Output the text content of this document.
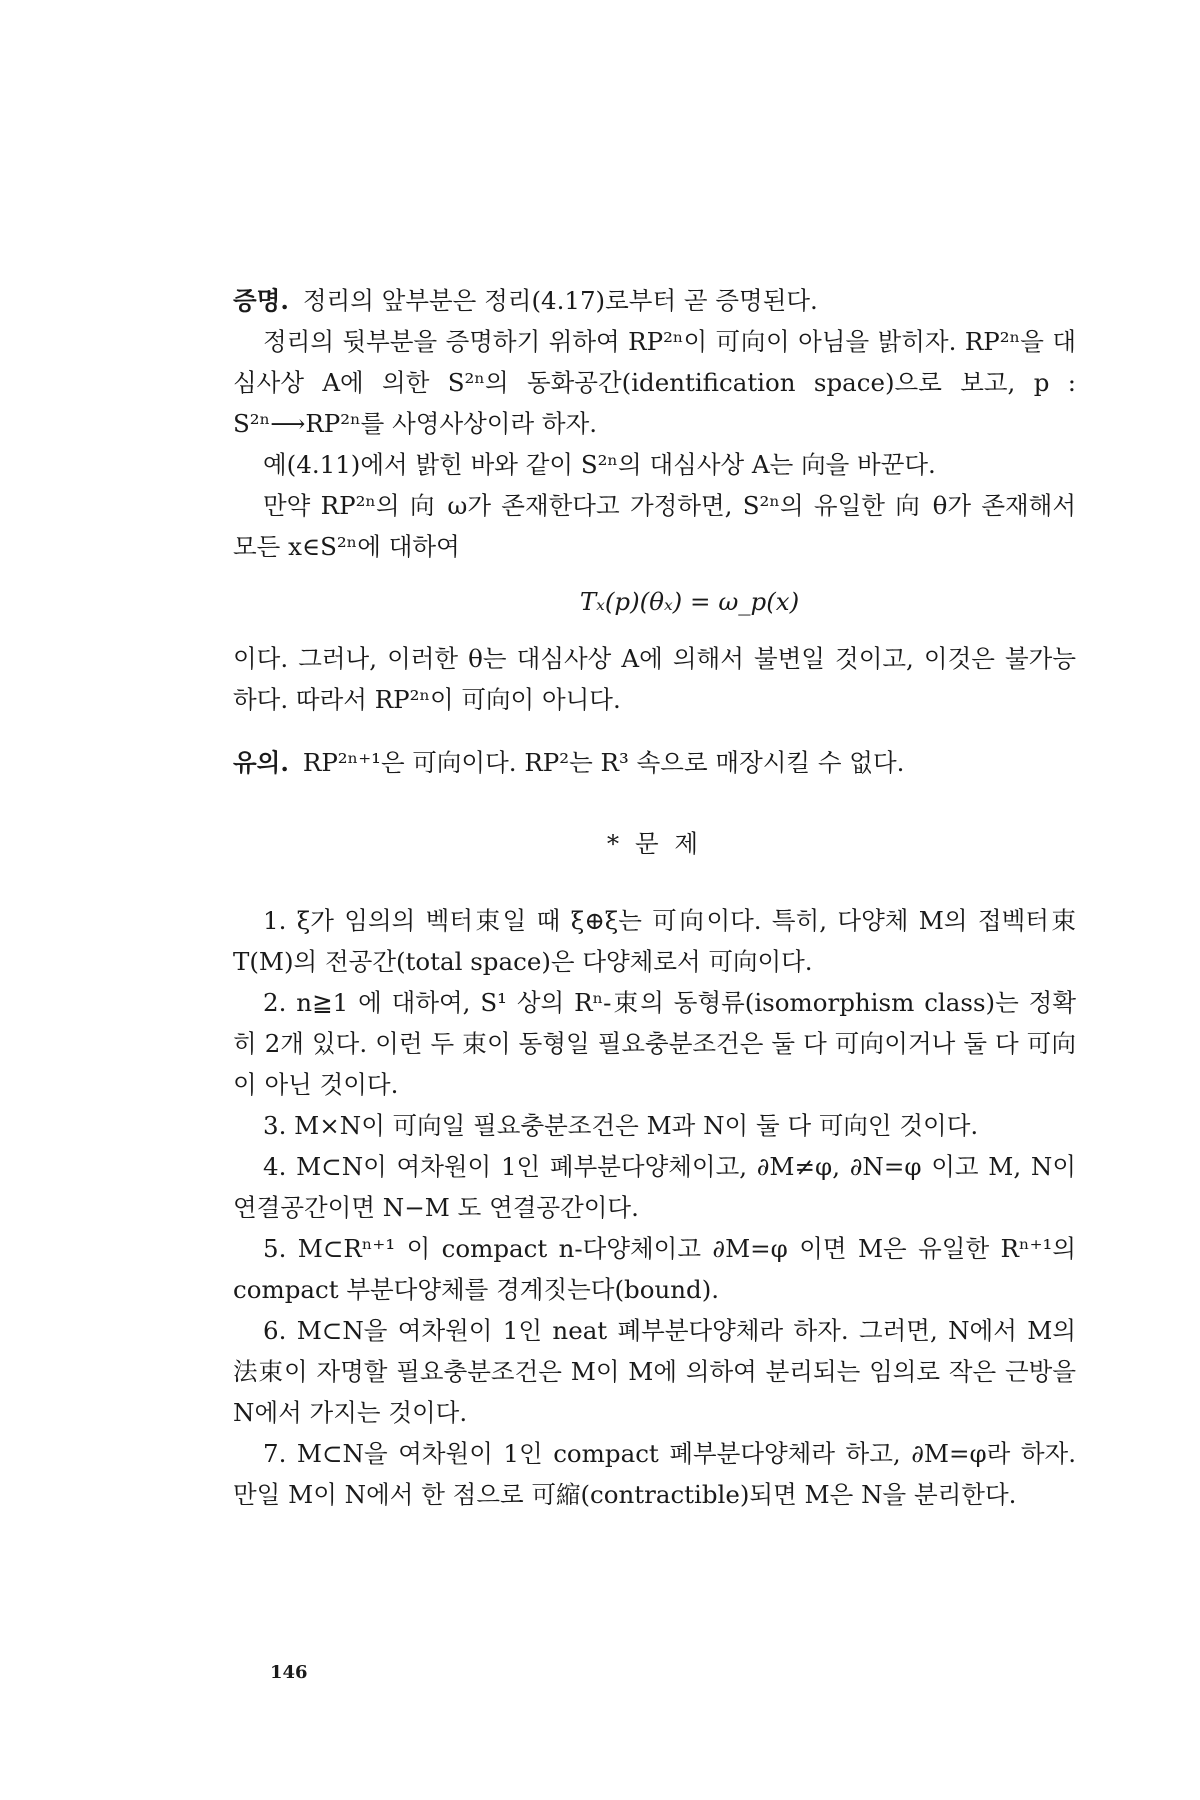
증명. 정리의 앞부분은 정리(4.17)로부터 곧 증명된다.

정리의 뒷부분을 증명하기 위하여 RP²ⁿ이 可向이 아님을 밝히자. RP²ⁿ을 대심사상 A에 의한 S²ⁿ의 동화공간(identification space)으로 보고, p : S²ⁿ⟶RP²ⁿ를 사영사상이라 하자.

예(4.11)에서 밝힌 바와 같이 S²ⁿ의 대심사상 A는 向을 바꾼다.

만약 RP²ⁿ의 向 ω가 존재한다고 가정하면, S²ⁿ의 유일한 向 θ가 존재해서 모든 x∈S²ⁿ에 대하여

Tₓ(p)(θₓ) = ω_p(x)

이다. 그러나, 이러한 θ는 대심사상 A에 의해서 불변일 것이고, 이것은 불가능하다. 따라서 RP²ⁿ이 可向이 아니다.

유의. RP²ⁿ⁺¹은 可向이다. RP²는 R³ 속으로 매장시킬 수 없다.

* 문 제

1. ξ가 임의의 벡터束일 때 ξ⊕ξ는 可向이다. 특히, 다양체 M의 접벡터束 T(M)의 전공간(total space)은 다양체로서 可向이다.

2. n≧1 에 대하여, S¹ 상의 Rⁿ-束의 동형류(isomorphism class)는 정확히 2개 있다. 이런 두 束이 동형일 필요충분조건은 둘 다 可向이거나 둘 다 可向이 아닌 것이다.

3. M×N이 可向일 필요충분조건은 M과 N이 둘 다 可向인 것이다.

4. M⊂N이 여차원이 1인 폐부분다양체이고, ∂M≠φ, ∂N=φ 이고 M, N이 연결공간이면 N−M 도 연결공간이다.

5. M⊂Rⁿ⁺¹ 이 compact n-다양체이고 ∂M=φ 이면 M은 유일한 Rⁿ⁺¹의 compact 부분다양체를 경계짓는다(bound).

6. M⊂N을 여차원이 1인 neat 폐부분다양체라 하자. 그러면, N에서 M의 法束이 자명할 필요충분조건은 M이 M에 의하여 분리되는 임의로 작은 근방을 N에서 가지는 것이다.

7. M⊂N을 여차원이 1인 compact 폐부분다양체라 하고, ∂M=φ라 하자. 만일 M이 N에서 한 점으로 可縮(contractible)되면 M은 N을 분리한다.

146
